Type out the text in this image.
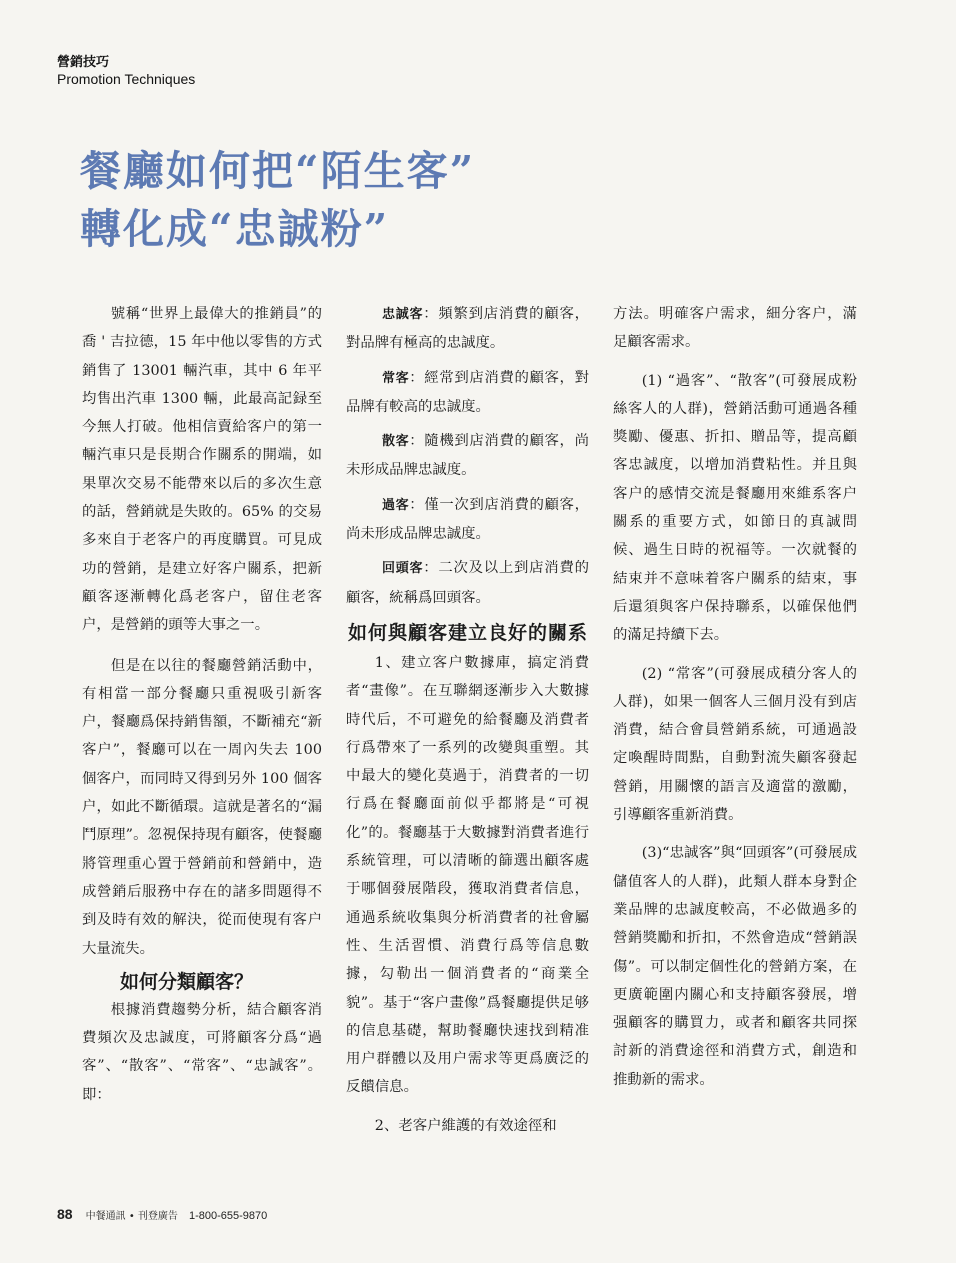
營銷技巧
Promotion Techniques
餐廳如何把“陌生客”
轉化成“忠誠粉”

號稱“世界上最偉大的推銷員”的喬 ' 吉拉德，15 年中他以零售的方式銷售了 13001 輛汽車，其中 6 年平均售出汽車 1300 輛，此最高記録至今無人打破。他相信賣給客户的第一輛汽車只是長期合作關系的開端，如果單次交易不能帶來以后的多次生意的話，營銷就是失敗的。65% 的交易多來自于老客户的再度購買。可見成功的營銷，是建立好客户關系，把新顧客逐漸轉化爲老客户，留住老客户，是營銷的頭等大事之一。

但是在以往的餐廳營銷活動中，有相當一部分餐廳只重視吸引新客户，餐廳爲保持銷售額，不斷補充“新客户”，餐廳可以在一周內失去 100 個客户，而同時又得到另外 100 個客户，如此不斷循環。這就是著名的“漏鬥原理”。忽視保持現有顧客，使餐廳將管理重心置于營銷前和營銷中，造成營銷后服務中存在的諸多問題得不到及時有效的解決，從而使現有客户大量流失。

如何分類顧客？

根據消費趨勢分析，結合顧客消費頻次及忠誠度，可將顧客分爲“過客”、“散客”、“常客”、“忠誠客”。即：

忠誠客：頻繁到店消費的顧客，對品牌有極高的忠誠度。

常客：經常到店消費的顧客，對品牌有較高的忠誠度。

散客：隨機到店消費的顧客，尚未形成品牌忠誠度。

過客：僅一次到店消費的顧客，尚未形成品牌忠誠度。

回頭客：二次及以上到店消費的顧客，統稱爲回頭客。

如何與顧客建立良好的關系

1、建立客户數據庫，搞定消費者“畫像”。在互聯網逐漸步入大數據時代后，不可避免的給餐廳及消費者行爲帶來了一系列的改變與重塑。其中最大的變化莫過于，消費者的一切行爲在餐廳面前似乎都將是“可視化”的。餐廳基于大數據對消費者進行系統管理，可以清晰的篩選出顧客處于哪個發展階段，獲取消費者信息，通過系統收集與分析消費者的社會屬性、生活習慣、消費行爲等信息數據，勾勒出一個消費者的“商業全貌”。基于“客户畫像”爲餐廳提供足够的信息基礎，幫助餐廳快速找到精准用户群體以及用户需求等更爲廣泛的反饋信息。

2、老客户維護的有效途徑和

方法。明確客户需求，細分客户，滿足顧客需求。

(1) “過客”、“散客”(可發展成粉絲客人的人群)，營銷活動可通過各種獎勵、優惠、折扣、贈品等，提高顧客忠誠度，以增加消費粘性。并且與客户的感情交流是餐廳用來維系客户關系的重要方式，如節日的真誠問候、過生日時的祝福等。一次就餐的結束并不意味着客户關系的結束，事后還須與客户保持聯系，以確保他們的滿足持續下去。

(2) “常客”(可發展成積分客人的人群)，如果一個客人三個月没有到店消費，結合會員營銷系統，可通過設定喚醒時間點，自動對流失顧客發起營銷，用關懷的語言及適當的激勵，引導顧客重新消費。

(3)“忠誠客”與“回頭客”(可發展成儲值客人的人群)，此類人群本身對企業品牌的忠誠度較高，不必做過多的營銷獎勵和折扣，不然會造成“營銷誤傷”。可以制定個性化的營銷方案，在更廣範圍内關心和支持顧客發展，增强顧客的購買力，或者和顧客共同探討新的消費途徑和消費方式，創造和推動新的需求。

88 中餐通訊 • 刊登廣告 1-800-655-9870
